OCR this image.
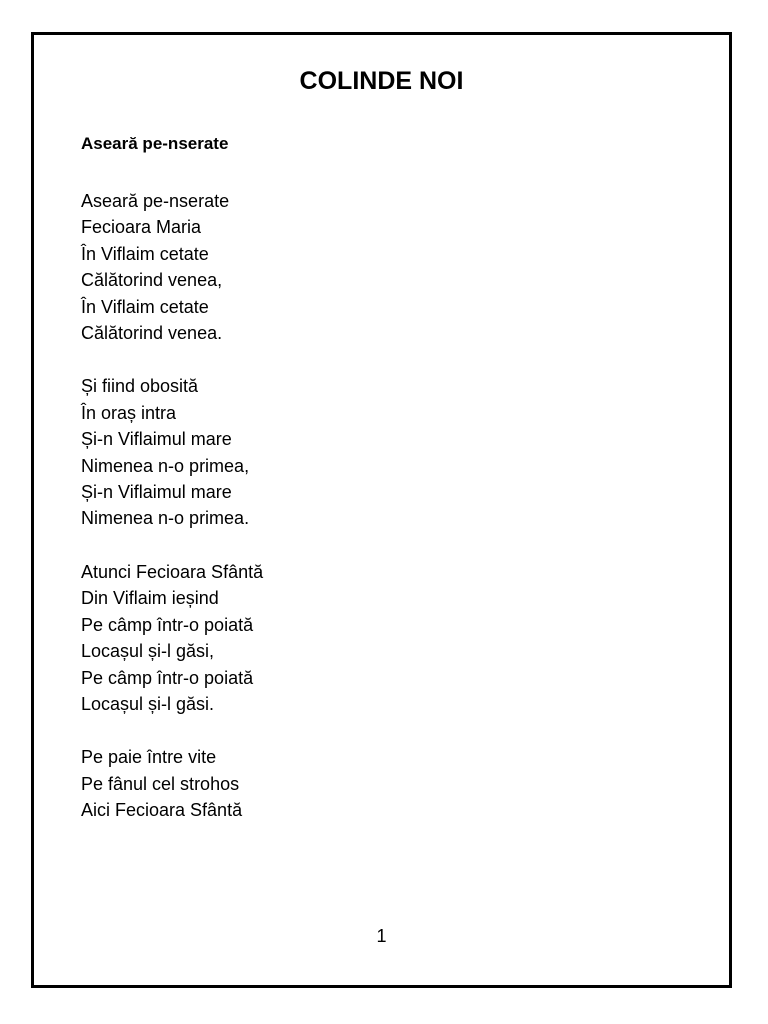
COLINDE NOI
Aseară pe-nserate
Aseară pe-nserate
Fecioara Maria
În Viflaim cetate
Călătorind venea,
În Viflaim cetate
Călătorind venea.
Și fiind obosită
În oraș intra
Și-n Viflaimul mare
Nimenea n-o primea,
Și-n Viflaimul mare
Nimenea n-o primea.
Atunci Fecioara Sfântă
Din Viflaim ieșind
Pe câmp într-o poiată
Locașul și-l găsi,
Pe câmp într-o poiată
Locașul și-l găsi.
Pe paie între vite
Pe fânul cel strohos
Aici Fecioara Sfântă
1
